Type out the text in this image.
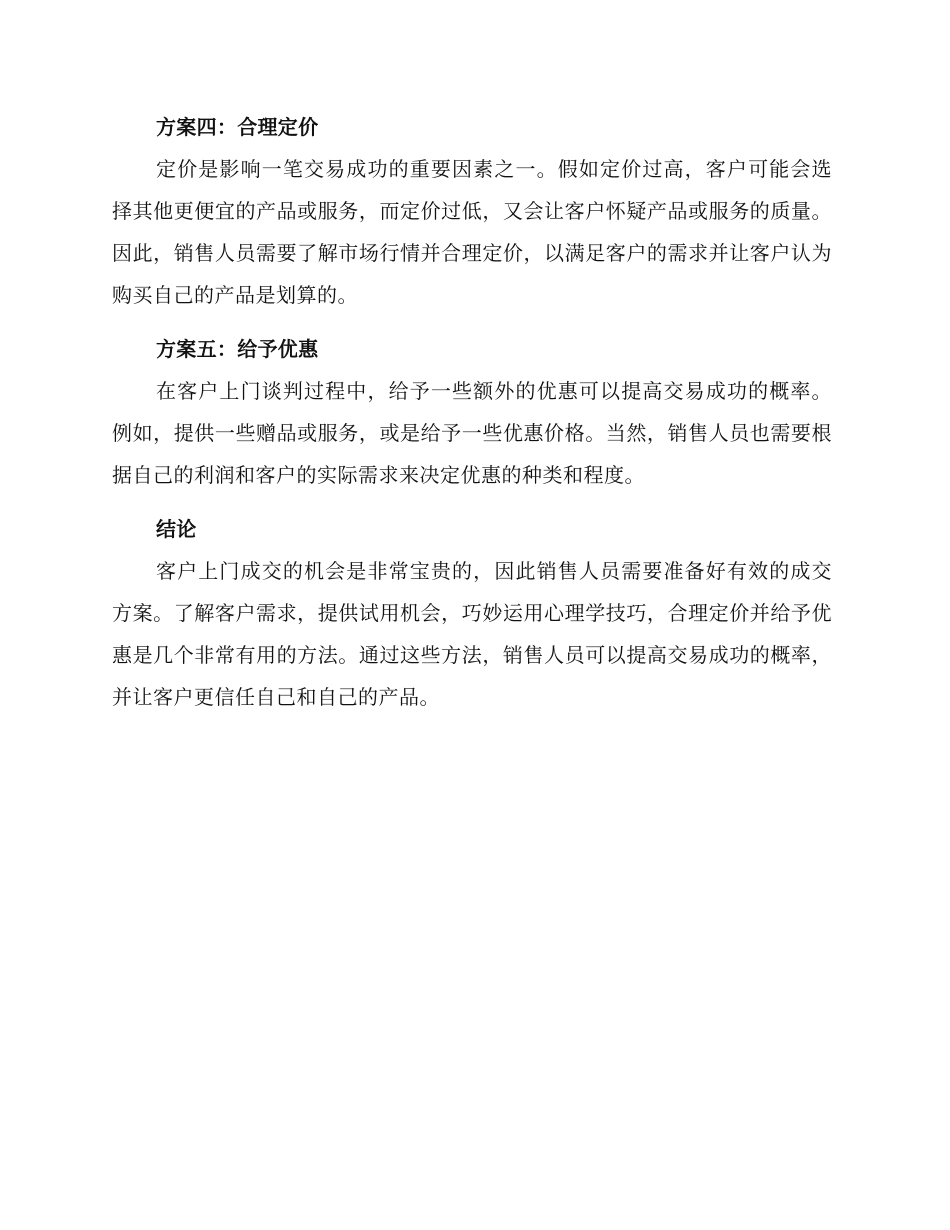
方案四：合理定价

定价是影响一笔交易成功的重要因素之一。假如定价过高，客户可能会选择其他更便宜的产品或服务，而定价过低，又会让客户怀疑产品或服务的质量。因此，销售人员需要了解市场行情并合理定价，以满足客户的需求并让客户认为购买自己的产品是划算的。

方案五：给予优惠

在客户上门谈判过程中，给予一些额外的优惠可以提高交易成功的概率。例如，提供一些赠品或服务，或是给予一些优惠价格。当然，销售人员也需要根据自己的利润和客户的实际需求来决定优惠的种类和程度。

结论

客户上门成交的机会是非常宝贵的，因此销售人员需要准备好有效的成交方案。了解客户需求，提供试用机会，巧妙运用心理学技巧，合理定价并给予优惠是几个非常有用的方法。通过这些方法，销售人员可以提高交易成功的概率，并让客户更信任自己和自己的产品。
